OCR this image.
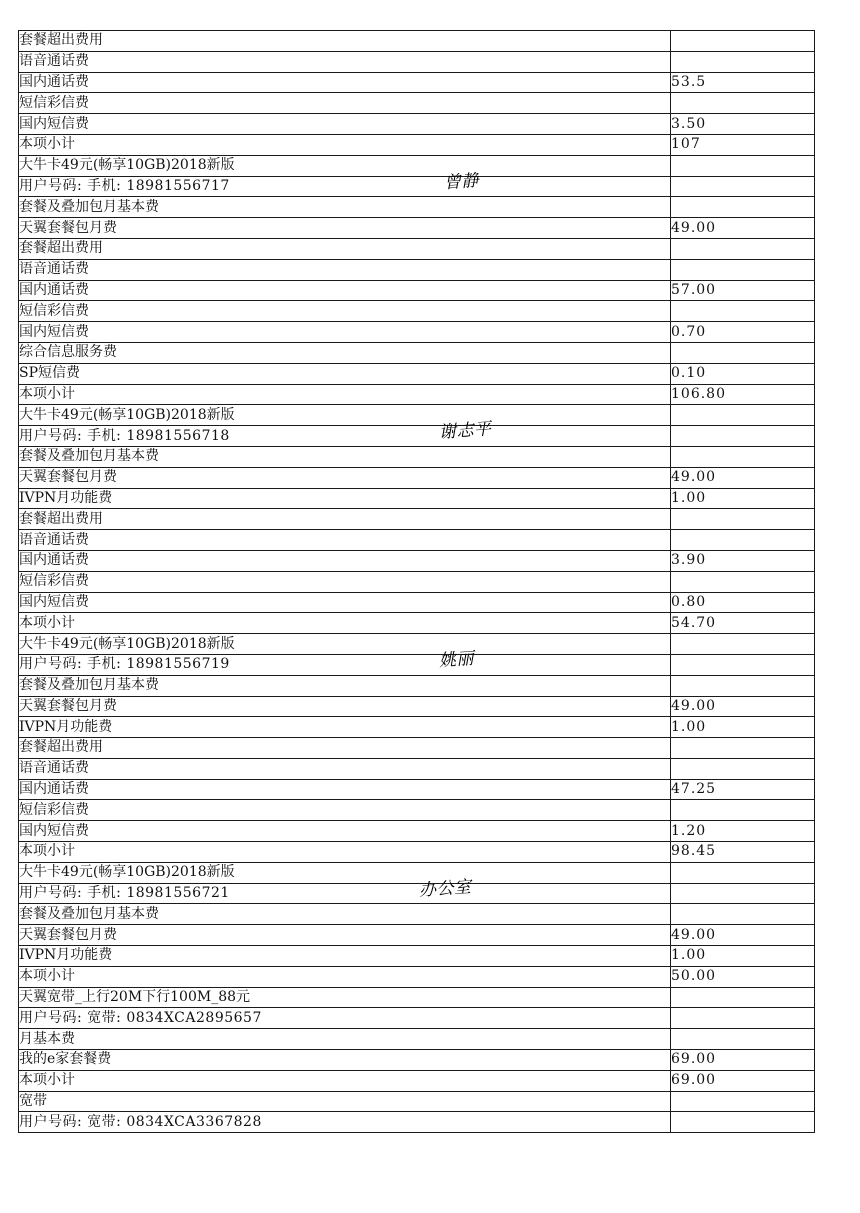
套餐超出费用	
语音通话费	
国内通话费	53.5
短信彩信费	
国内短信费	3.50
本项小计	107
大牛卡49元(畅享10GB)2018新版	
用户号码: 手机: 18981556717 曾静	

套餐及叠加包月基本费	
天翼套餐包月费	49.00
套餐超出费用	
语音通话费	
国内通话费	57.00
短信彩信费	
国内短信费	0.70
综合信息服务费	
SP短信费	0.10
本项小计	106.80
大牛卡49元(畅享10GB)2018新版	
用户号码: 手机: 18981556718 谢志平	

套餐及叠加包月基本费	
天翼套餐包月费	49.00
IVPN月功能费	1.00
套餐超出费用	
语音通话费	
国内通话费	3.90
短信彩信费	
国内短信费	0.80
本项小计	54.70
大牛卡49元(畅享10GB)2018新版	
用户号码: 手机: 18981556719 姚丽	

套餐及叠加包月基本费	
天翼套餐包月费	49.00
IVPN月功能费	1.00
套餐超出费用	
语音通话费	
国内通话费	47.25
短信彩信费	
国内短信费	1.20
本项小计	98.45
大牛卡49元(畅享10GB)2018新版	
用户号码: 手机: 18981556721 办公室	

套餐及叠加包月基本费	
天翼套餐包月费	49.00
IVPN月功能费	1.00
本项小计	50.00
天翼宽带_上行20M下行100M_88元	
用户号码: 宽带: 0834XCA2895657	
月基本费	
我的e家套餐费	69.00
本项小计	69.00
宽带	
用户号码: 宽带: 0834XCA3367828	
